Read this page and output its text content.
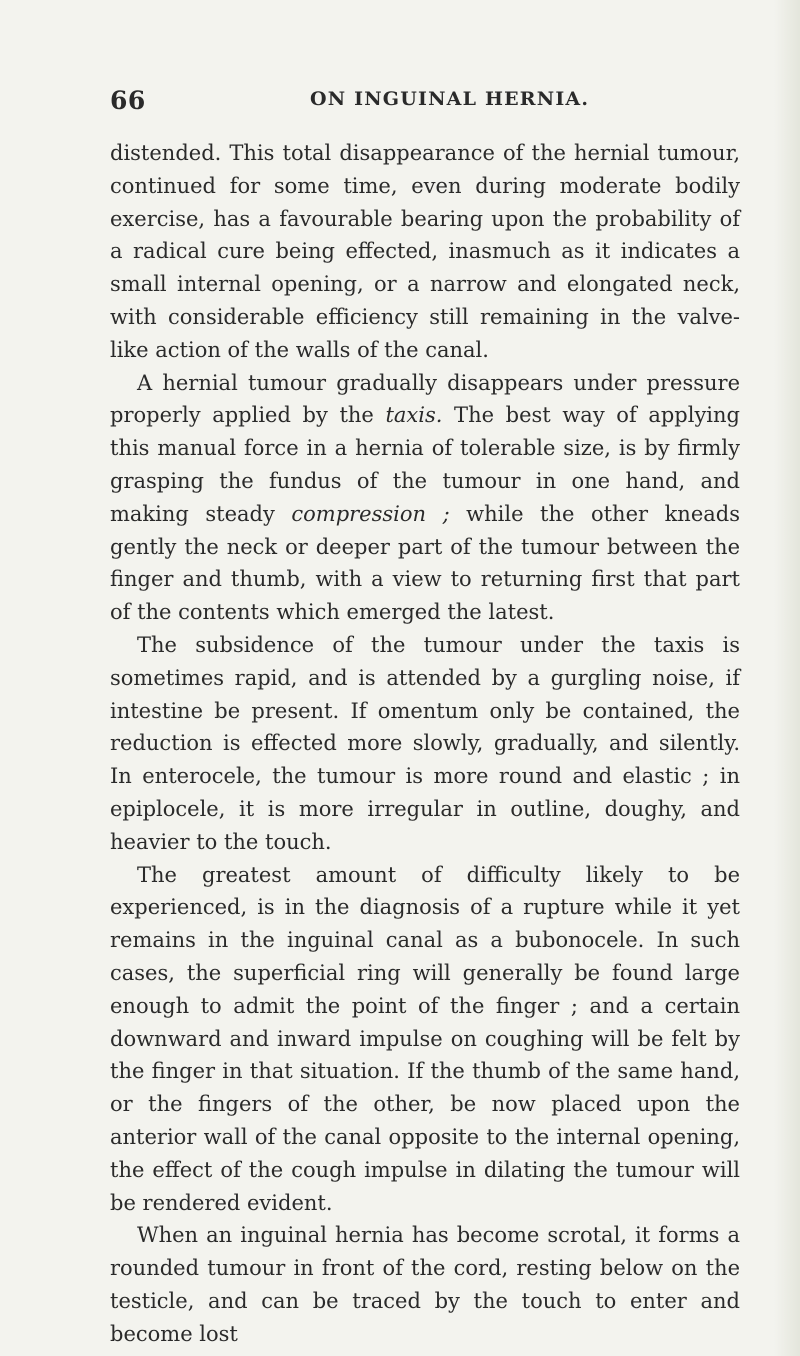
66	ON INGUINAL HERNIA.

distended. This total disappearance of the hernial tumour, continued for some time, even during moderate bodily exercise, has a favourable bearing upon the probability of a radical cure being effected, inasmuch as it indicates a small internal opening, or a narrow and elongated neck, with considerable efficiency still remaining in the valve-like action of the walls of the canal.

A hernial tumour gradually disappears under pressure properly applied by the taxis. The best way of applying this manual force in a hernia of tolerable size, is by firmly grasping the fundus of the tumour in one hand, and making steady compression ; while the other kneads gently the neck or deeper part of the tumour between the finger and thumb, with a view to returning first that part of the contents which emerged the latest.

The subsidence of the tumour under the taxis is sometimes rapid, and is attended by a gurgling noise, if intestine be present. If omentum only be contained, the reduction is effected more slowly, gradually, and silently. In enterocele, the tumour is more round and elastic ; in epiplocele, it is more irregular in outline, doughy, and heavier to the touch.

The greatest amount of difficulty likely to be experienced, is in the diagnosis of a rupture while it yet remains in the inguinal canal as a bubonocele. In such cases, the superficial ring will generally be found large enough to admit the point of the finger ; and a certain downward and inward impulse on coughing will be felt by the finger in that situation. If the thumb of the same hand, or the fingers of the other, be now placed upon the anterior wall of the canal opposite to the internal opening, the effect of the cough impulse in dilating the tumour will be rendered evident.

When an inguinal hernia has become scrotal, it forms a rounded tumour in front of the cord, resting below on the testicle, and can be traced by the touch to enter and become lost
